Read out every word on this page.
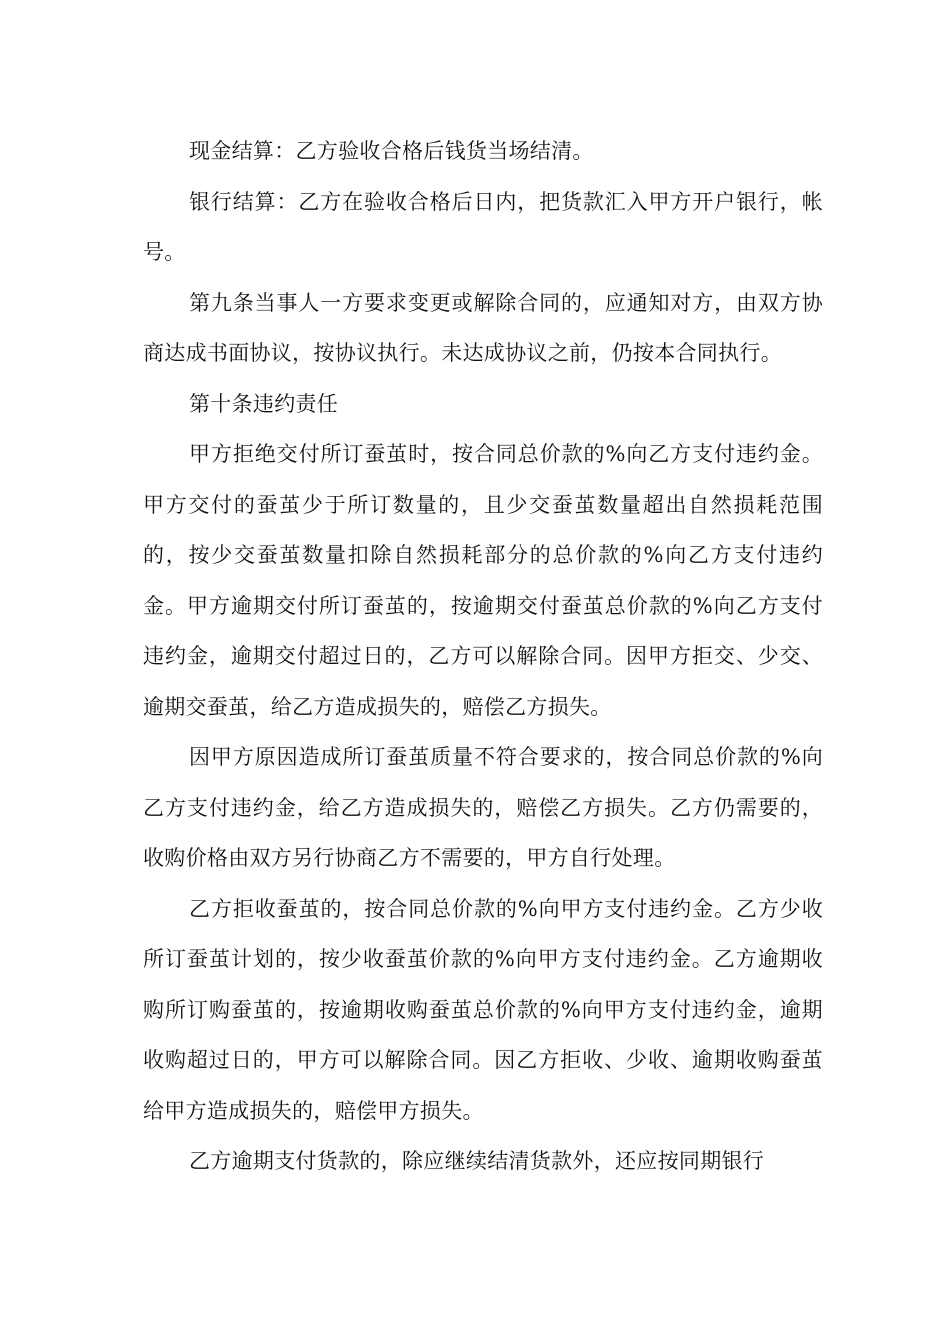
现金结算：乙方验收合格后钱货当场结清。

银行结算：乙方在验收合格后日内，把货款汇入甲方开户银行，帐号。

第九条当事人一方要求变更或解除合同的，应通知对方，由双方协商达成书面协议，按协议执行。未达成协议之前，仍按本合同执行。

第十条违约责任

甲方拒绝交付所订蚕茧时，按合同总价款的%向乙方支付违约金。甲方交付的蚕茧少于所订数量的，且少交蚕茧数量超出自然损耗范围的，按少交蚕茧数量扣除自然损耗部分的总价款的%向乙方支付违约金。甲方逾期交付所订蚕茧的，按逾期交付蚕茧总价款的%向乙方支付违约金，逾期交付超过日的，乙方可以解除合同。因甲方拒交、少交、逾期交蚕茧，给乙方造成损失的，赔偿乙方损失。

因甲方原因造成所订蚕茧质量不符合要求的，按合同总价款的%向乙方支付违约金，给乙方造成损失的，赔偿乙方损失。乙方仍需要的，收购价格由双方另行协商乙方不需要的，甲方自行处理。

乙方拒收蚕茧的，按合同总价款的%向甲方支付违约金。乙方少收所订蚕茧计划的，按少收蚕茧价款的%向甲方支付违约金。乙方逾期收购所订购蚕茧的，按逾期收购蚕茧总价款的%向甲方支付违约金，逾期收购超过日的，甲方可以解除合同。因乙方拒收、少收、逾期收购蚕茧给甲方造成损失的，赔偿甲方损失。

乙方逾期支付货款的，除应继续结清货款外，还应按同期银行
